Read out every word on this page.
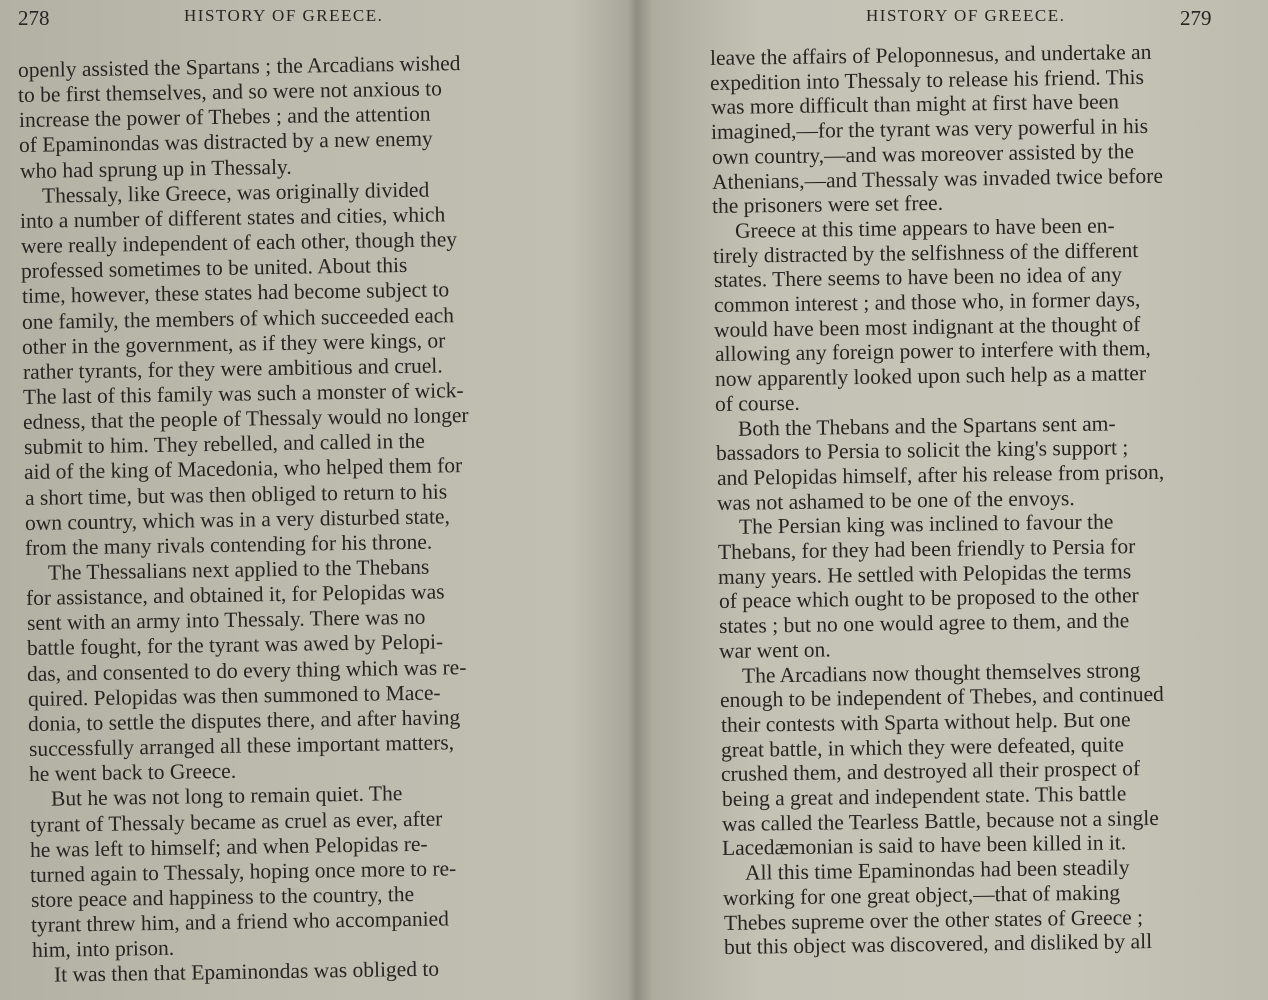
278	HISTORY OF GREECE.
openly assisted the Spartans ; the Arcadians wished
to be first themselves, and so were not anxious to
increase the power of Thebes ; and the attention
of Epaminondas was distracted by a new enemy
who had sprung up in Thessaly.
Thessaly, like Greece, was originally divided
into a number of different states and cities, which
were really independent of each other, though they
professed sometimes to be united. About this
time, however, these states had become subject to
one family, the members of which succeeded each
other in the government, as if they were kings, or
rather tyrants, for they were ambitious and cruel.
The last of this family was such a monster of wick-
edness, that the people of Thessaly would no longer
submit to him. They rebelled, and called in the
aid of the king of Macedonia, who helped them for
a short time, but was then obliged to return to his
own country, which was in a very disturbed state,
from the many rivals contending for his throne.
The Thessalians next applied to the Thebans
for assistance, and obtained it, for Pelopidas was
sent with an army into Thessaly. There was no
battle fought, for the tyrant was awed by Pelopi-
das, and consented to do every thing which was re-
quired. Pelopidas was then summoned to Mace-
donia, to settle the disputes there, and after having
successfully arranged all these important matters,
he went back to Greece.
But he was not long to remain quiet. The
tyrant of Thessaly became as cruel as ever, after
he was left to himself; and when Pelopidas re-
turned again to Thessaly, hoping once more to re-
store peace and happiness to the country, the
tyrant threw him, and a friend who accompanied
him, into prison.
It was then that Epaminondas was obliged to
HISTORY OF GREECE.	279
leave the affairs of Peloponnesus, and undertake an
expedition into Thessaly to release his friend. This
was more difficult than might at first have been
imagined,—for the tyrant was very powerful in his
own country,—and was moreover assisted by the
Athenians,—and Thessaly was invaded twice before
the prisoners were set free.
Greece at this time appears to have been en-
tirely distracted by the selfishness of the different
states. There seems to have been no idea of any
common interest ; and those who, in former days,
would have been most indignant at the thought of
allowing any foreign power to interfere with them,
now apparently looked upon such help as a matter
of course.
Both the Thebans and the Spartans sent am-
bassadors to Persia to solicit the king's support ;
and Pelopidas himself, after his release from prison,
was not ashamed to be one of the envoys.
The Persian king was inclined to favour the
Thebans, for they had been friendly to Persia for
many years. He settled with Pelopidas the terms
of peace which ought to be proposed to the other
states ; but no one would agree to them, and the
war went on.
The Arcadians now thought themselves strong
enough to be independent of Thebes, and continued
their contests with Sparta without help. But one
great battle, in which they were defeated, quite
crushed them, and destroyed all their prospect of
being a great and independent state. This battle
was called the Tearless Battle, because not a single
Lacedæmonian is said to have been killed in it.
All this time Epaminondas had been steadily
working for one great object,—that of making
Thebes supreme over the other states of Greece ;
but this object was discovered, and disliked by all
